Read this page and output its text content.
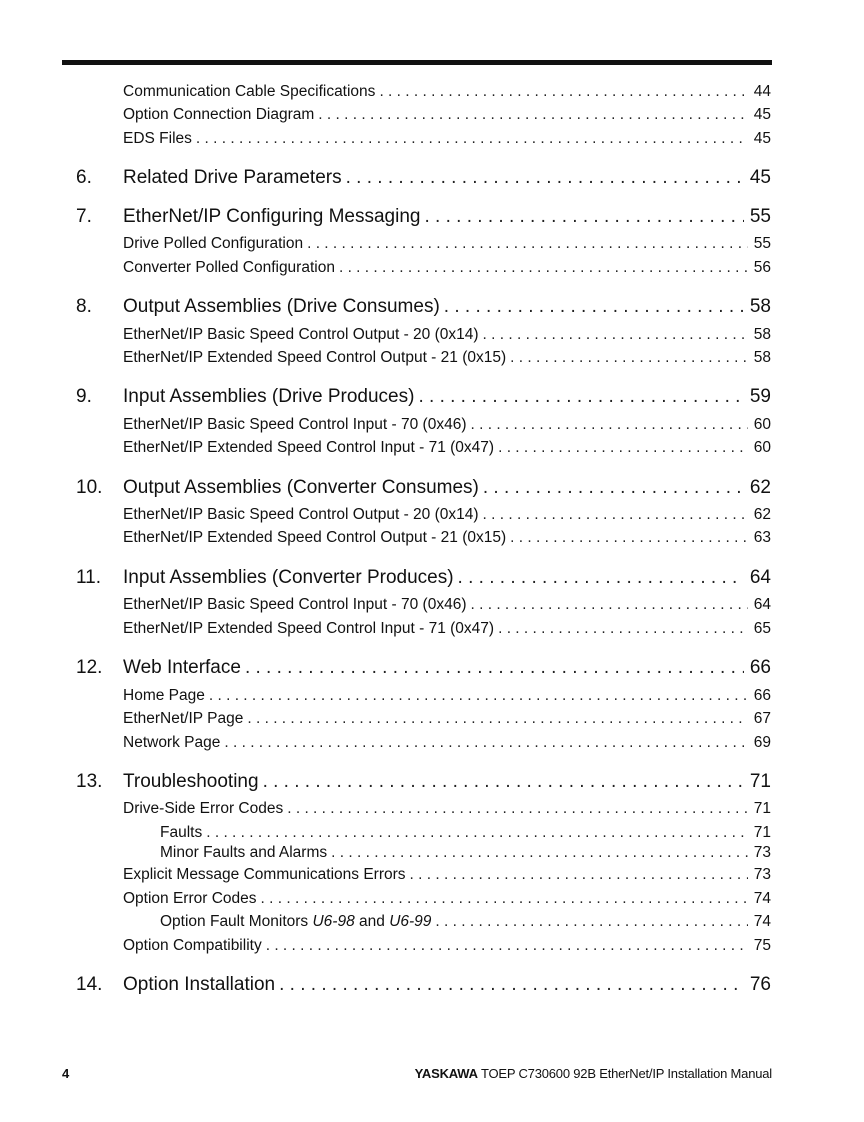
Communication Cable Specifications . . .	44
Option Connection Diagram . . .	45
EDS Files . . .	45
6. Related Drive Parameters . . .	45
7. EtherNet/IP Configuring Messaging . . .	55
Drive Polled Configuration . . .	55
Converter Polled Configuration . . .	56
8. Output Assemblies (Drive Consumes) . . .	58
EtherNet/IP Basic Speed Control Output - 20 (0x14) . . .	58
EtherNet/IP Extended Speed Control Output - 21 (0x15) . . .	58
9. Input Assemblies (Drive Produces) . . .	59
EtherNet/IP Basic Speed Control Input - 70 (0x46) . . .	60
EtherNet/IP Extended Speed Control Input - 71 (0x47) . . .	60
10. Output Assemblies (Converter Consumes) . . .	62
EtherNet/IP Basic Speed Control Output - 20 (0x14) . . .	62
EtherNet/IP Extended Speed Control Output - 21 (0x15) . . .	63
11. Input Assemblies (Converter Produces) . . .	64
EtherNet/IP Basic Speed Control Input - 70 (0x46) . . .	64
EtherNet/IP Extended Speed Control Input - 71 (0x47) . . .	65
12. Web Interface . . .	66
Home Page . . .	66
EtherNet/IP Page . . .	67
Network Page . . .	69
13. Troubleshooting . . .	71
Drive-Side Error Codes . . .	71
Faults . . .	71
Minor Faults and Alarms . . .	73
Explicit Message Communications Errors . . .	73
Option Error Codes . . .	74
Option Fault Monitors U6-98 and U6-99 . . .	74
Option Compatibility . . .	75
14. Option Installation . . .	76
4	YASKAWA TOEP C730600 92B EtherNet/IP Installation Manual
